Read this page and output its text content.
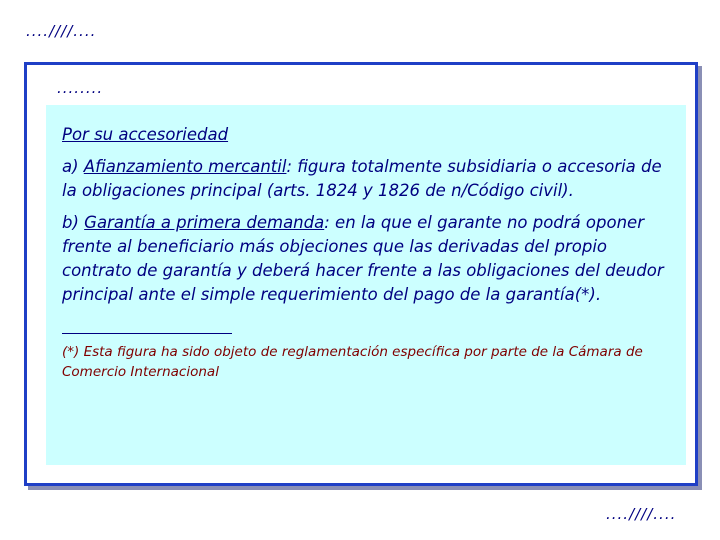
....////....
........
Por su accesoriedad
a) Afianzamiento mercantil: figura totalmente subsidiaria o accesoria de la obligaciones principal (arts. 1824 y 1826 de n/Código civil).
b) Garantía a primera demanda: en la que el garante no podrá oponer frente al beneficiario más objeciones que las derivadas del propio contrato de garantía y deberá hacer frente a las obligaciones del deudor principal ante el simple requerimiento del pago de la garantía(*).
(*) Esta figura ha sido objeto de reglamentación específica por parte de la Cámara de Comercio Internacional
....////....
